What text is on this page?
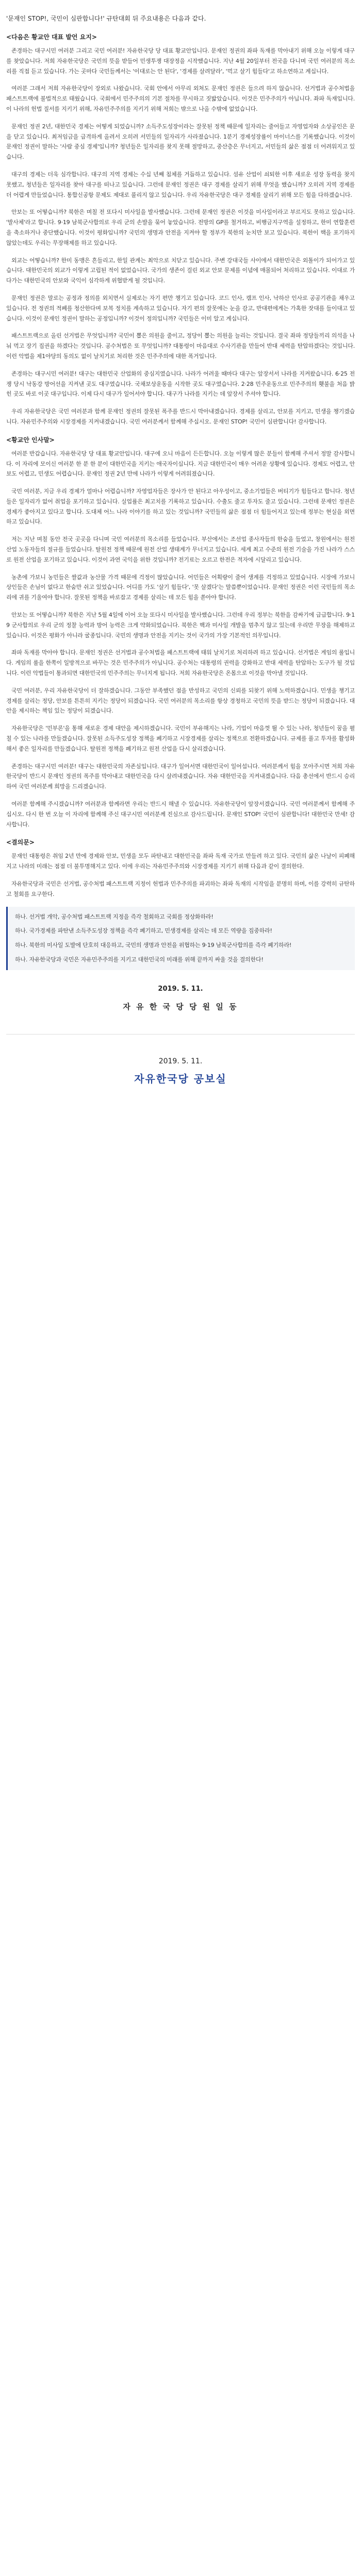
'문재인 STOP!, 국민이 심판합니다!' 규탄대회 뒤 주요내용은 다음과 같다.

<다음은 황교안 대표 발언 요지>

존경하는 대구시민 여러분 그리고 국민 여러분! 자유한국당 당 대표 황교안입니다. 문재인 정권의 좌파 독재를 막아내기 위해 오늘 이렇게 대구를 찾았습니다. 저희 자유한국당은 국민의 뜻을 받들어 민생투쟁 대장정을 시작했습니다. 지난 4월 20일부터 전국을 다니며 국민 여러분의 목소리를 직접 듣고 있습니다. 가는 곳마다 국민들께서는 '이대로는 안 된다', '경제를 살려달라', '먹고 살기 힘들다'고 하소연하고 계십니다.

여러분 그래서 저희 자유한국당이 장외로 나왔습니다. 국회 안에서 아무리 외쳐도 문재인 정권은 들으려 하지 않습니다. 선거법과 공수처법을 패스트트랙에 불법적으로 태웠습니다. 국회에서 민주주의의 기본 절차를 무시하고 짓밟았습니다. 이것은 민주주의가 아닙니다. 좌파 독재입니다. 이 나라의 헌법 질서를 지키기 위해, 자유민주주의를 지키기 위해 저희는 밖으로 나올 수밖에 없었습니다.

문재인 정권 2년, 대한민국 경제는 어떻게 되었습니까? 소득주도성장이라는 잘못된 정책 때문에 일자리는 줄어들고 자영업자와 소상공인은 문을 닫고 있습니다. 최저임금을 급격하게 올려서 오히려 서민들의 일자리가 사라졌습니다. 1분기 경제성장률이 마이너스를 기록했습니다. 이것이 문재인 정권이 말하는 '사람 중심 경제'입니까? 청년들은 일자리를 찾지 못해 절망하고, 중산층은 무너지고, 서민들의 삶은 점점 더 어려워지고 있습니다.

대구의 경제는 더욱 심각합니다. 대구의 지역 경제는 수십 년째 침체를 거듭하고 있습니다. 섬유 산업이 쇠퇴한 이후 새로운 성장 동력을 찾지 못했고, 청년들은 일자리를 찾아 대구를 떠나고 있습니다. 그런데 문재인 정권은 대구 경제를 살리기 위해 무엇을 했습니까? 오히려 지역 경제를 더 어렵게 만들었습니다. 통합신공항 문제도 제대로 풀리지 않고 있습니다. 우리 자유한국당은 대구 경제를 살리기 위해 모든 힘을 다하겠습니다.

안보는 또 어떻습니까? 북한은 며칠 전 또다시 미사일을 발사했습니다. 그런데 문재인 정권은 이것을 미사일이라고 부르지도 못하고 있습니다. '발사체'라고 합니다. 9·19 남북군사합의로 우리 군의 손발을 묶어 놓았습니다. 전방의 GP를 철거하고, 비행금지구역을 설정하고, 한미 연합훈련을 축소하거나 중단했습니다. 이것이 평화입니까? 국민의 생명과 안전을 지켜야 할 정부가 북한의 눈치만 보고 있습니다. 북한이 핵을 포기하지 않았는데도 우리는 무장해제를 하고 있습니다.

외교는 어떻습니까? 한미 동맹은 흔들리고, 한일 관계는 최악으로 치닫고 있습니다. 주변 강대국들 사이에서 대한민국은 외톨이가 되어가고 있습니다. 대한민국의 외교가 이렇게 고립된 적이 없었습니다. 국가의 생존이 걸린 외교 안보 문제를 이념에 매몰되어 처리하고 있습니다. 이대로 가다가는 대한민국의 안보와 국익이 심각하게 위협받게 될 것입니다.

문재인 정권은 말로는 공정과 정의를 외치면서 실제로는 자기 편만 챙기고 있습니다. 코드 인사, 캠프 인사, 낙하산 인사로 공공기관을 채우고 있습니다. 전 정권의 적폐를 청산한다며 보복 정치를 계속하고 있습니다. 자기 편의 잘못에는 눈을 감고, 반대편에게는 가혹한 잣대를 들이대고 있습니다. 이것이 문재인 정권이 말하는 공정입니까? 이것이 정의입니까? 국민들은 이미 알고 계십니다.

패스트트랙으로 올린 선거법은 무엇입니까? 국민이 뽑은 의원을 줄이고, 정당이 뽑는 의원을 늘리는 것입니다. 결국 좌파 정당들끼리 의석을 나눠 먹고 장기 집권을 하겠다는 것입니다. 공수처법은 또 무엇입니까? 대통령이 마음대로 수사기관을 만들어 반대 세력을 탄압하겠다는 것입니다. 이런 악법을 제1야당의 동의도 없이 날치기로 처리한 것은 민주주의에 대한 폭거입니다.

존경하는 대구시민 여러분! 대구는 대한민국 산업화의 중심지였습니다. 나라가 어려울 때마다 대구는 앞장서서 나라를 지켜왔습니다. 6·25 전쟁 당시 낙동강 방어선을 지켜낸 곳도 대구였습니다. 국채보상운동을 시작한 곳도 대구였습니다. 2·28 민주운동으로 민주주의의 횃불을 처음 밝힌 곳도 바로 이곳 대구입니다. 이제 다시 대구가 일어서야 합니다. 대구가 나라를 지키는 데 앞장서 주셔야 합니다.

우리 자유한국당은 국민 여러분과 함께 문재인 정권의 잘못된 폭주를 반드시 막아내겠습니다. 경제를 살리고, 안보를 지키고, 민생을 챙기겠습니다. 자유민주주의와 시장경제를 지켜내겠습니다. 국민 여러분께서 함께해 주십시오. 문재인 STOP! 국민이 심판합니다! 감사합니다.

<황교안 인사말>

여러분 반갑습니다. 자유한국당 당 대표 황교안입니다. 대구에 오니 마음이 든든합니다. 오늘 이렇게 많은 분들이 함께해 주셔서 정말 감사합니다. 이 자리에 모이신 여러분 한 분 한 분이 대한민국을 지키는 애국자이십니다. 지금 대한민국이 매우 어려운 상황에 있습니다. 경제도 어렵고, 안보도 어렵고, 민생도 어렵습니다. 문재인 정권 2년 만에 나라가 이렇게 어려워졌습니다.

국민 여러분, 지금 우리 경제가 얼마나 어렵습니까? 자영업자들은 장사가 안 된다고 아우성이고, 중소기업들은 버티기가 힘들다고 합니다. 청년들은 일자리가 없어 취업을 포기하고 있습니다. 실업률은 최고치를 기록하고 있습니다. 수출도 줄고 투자도 줄고 있습니다. 그런데 문재인 정권은 경제가 좋아지고 있다고 합니다. 도대체 어느 나라 이야기를 하고 있는 것입니까? 국민들의 삶은 점점 더 힘들어지고 있는데 정부는 현실을 외면하고 있습니다.

저는 지난 며칠 동안 전국 곳곳을 다니며 국민 여러분의 목소리를 들었습니다. 부산에서는 조선업 종사자들의 한숨을 들었고, 창원에서는 원전 산업 노동자들의 절규를 들었습니다. 탈원전 정책 때문에 원전 산업 생태계가 무너지고 있습니다. 세계 최고 수준의 원전 기술을 가진 나라가 스스로 원전 산업을 포기하고 있습니다. 이것이 과연 국익을 위한 것입니까? 전기료는 오르고 한전은 적자에 시달리고 있습니다.

농촌에 가보니 농민들은 쌀값과 농산물 가격 때문에 걱정이 많았습니다. 어민들은 어획량이 줄어 생계를 걱정하고 있었습니다. 시장에 가보니 상인들은 손님이 없다고 한숨만 쉬고 있었습니다. 어디를 가도 '살기 힘들다', '못 살겠다'는 말씀뿐이었습니다. 문재인 정권은 이런 국민들의 목소리에 귀를 기울여야 합니다. 잘못된 정책을 바로잡고 경제를 살리는 데 모든 힘을 쏟아야 합니다.

안보는 또 어떻습니까? 북한은 지난 5월 4일에 이어 오늘 또다시 미사일을 발사했습니다. 그런데 우리 정부는 북한을 감싸기에 급급합니다. 9·19 군사합의로 우리 군의 정찰 능력과 방어 능력은 크게 약화되었습니다. 북한은 핵과 미사일 개발을 멈추지 않고 있는데 우리만 무장을 해제하고 있습니다. 이것은 평화가 아니라 굴종입니다. 국민의 생명과 안전을 지키는 것이 국가의 가장 기본적인 의무입니다.

좌파 독재를 막아야 합니다. 문재인 정권은 선거법과 공수처법을 패스트트랙에 태워 날치기로 처리하려 하고 있습니다. 선거법은 게임의 룰입니다. 게임의 룰을 한쪽이 일방적으로 바꾸는 것은 민주주의가 아닙니다. 공수처는 대통령의 권력을 강화하고 반대 세력을 탄압하는 도구가 될 것입니다. 이런 악법들이 통과되면 대한민국의 민주주의는 무너지게 됩니다. 저희 자유한국당은 온몸으로 이것을 막아낼 것입니다.

국민 여러분, 우리 자유한국당이 더 잘하겠습니다. 그동안 부족했던 점을 반성하고 국민의 신뢰를 되찾기 위해 노력하겠습니다. 민생을 챙기고 경제를 살리는 정당, 안보를 튼튼히 지키는 정당이 되겠습니다. 국민 여러분의 목소리를 항상 경청하고 국민의 뜻을 받드는 정당이 되겠습니다. 대안을 제시하는 책임 있는 정당이 되겠습니다.

자유한국당은 '민부론'을 통해 새로운 경제 대안을 제시하겠습니다. 국민이 부유해지는 나라, 기업이 마음껏 뛸 수 있는 나라, 청년들이 꿈을 펼칠 수 있는 나라를 만들겠습니다. 잘못된 소득주도성장 정책을 폐기하고 시장경제를 살리는 정책으로 전환하겠습니다. 규제를 풀고 투자를 활성화해서 좋은 일자리를 만들겠습니다. 탈원전 정책을 폐기하고 원전 산업을 다시 살리겠습니다.

존경하는 대구시민 여러분! 대구는 대한민국의 자존심입니다. 대구가 일어서면 대한민국이 일어섭니다. 여러분께서 힘을 모아주시면 저희 자유한국당이 반드시 문재인 정권의 폭주를 막아내고 대한민국을 다시 살려내겠습니다. 자유 대한민국을 지켜내겠습니다. 다음 총선에서 반드시 승리하여 국민 여러분께 희망을 드리겠습니다.

여러분 함께해 주시겠습니까? 여러분과 함께라면 우리는 반드시 해낼 수 있습니다. 자유한국당이 앞장서겠습니다. 국민 여러분께서 함께해 주십시오. 다시 한 번 오늘 이 자리에 함께해 주신 대구시민 여러분께 진심으로 감사드립니다. 문재인 STOP! 국민이 심판합니다! 대한민국 만세! 감사합니다.

<결의문>

문재인 대통령은 취임 2년 만에 경제와 안보, 민생을 모두 파탄내고 대한민국을 좌파 독재 국가로 만들려 하고 있다. 국민의 삶은 나날이 피폐해지고 나라의 미래는 점점 더 불투명해지고 있다. 이에 우리는 자유민주주의와 시장경제를 지키기 위해 다음과 같이 결의한다.

자유한국당과 국민은 선거법, 공수처법 패스트트랙 지정이 헌법과 민주주의를 파괴하는 좌파 독재의 시작임을 분명히 하며, 이를 강력히 규탄하고 철회를 요구한다.

하나. 선거법 개악, 공수처법 패스트트랙 지정을 즉각 철회하고 국회를 정상화하라!
하나. 국가경제를 파탄낸 소득주도성장 정책을 즉각 폐기하고, 민생경제를 살리는 데 모든 역량을 집중하라!
하나. 북한의 미사일 도발에 단호히 대응하고, 국민의 생명과 안전을 위협하는 9·19 남북군사합의를 즉각 폐기하라!
하나. 자유한국당과 국민은 자유민주주의를 지키고 대한민국의 미래를 위해 끝까지 싸울 것을 결의한다!
2019. 5. 11.
자 유 한 국 당 당 원 일 동
2019. 5. 11.
자유한국당 공보실
